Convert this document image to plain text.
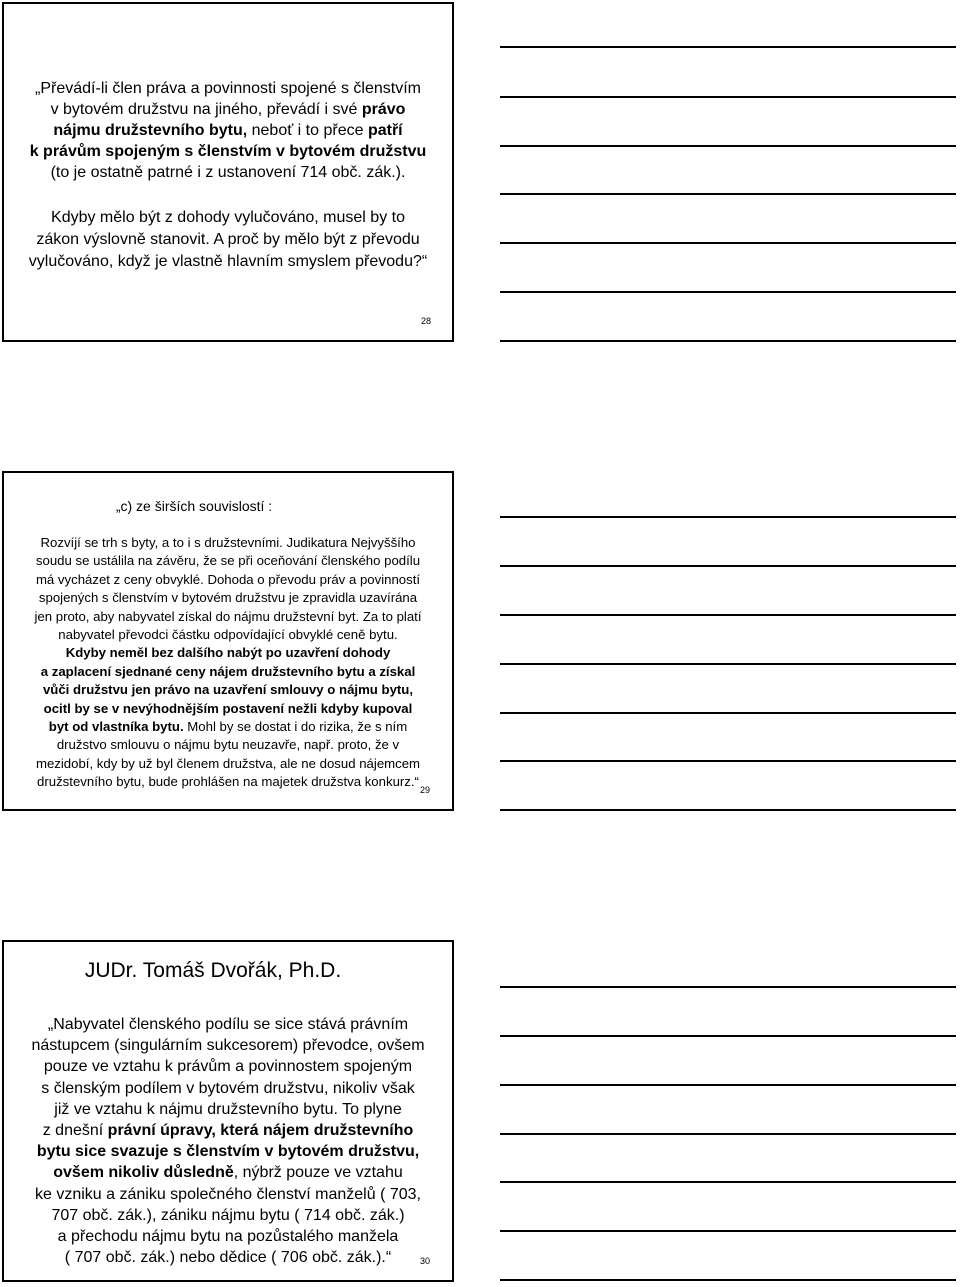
„Převádí-li člen práva a povinnosti spojené s členstvím
v bytovém družstvu na jiného, převádí i své právo
nájmu družstevního bytu, neboť i to přece patří
k právům spojeným s členstvím v bytovém družstvu
(to je ostatně patrné i z ustanovení 714 obč. zák.).
Kdyby mělo být z dohody vylučováno, musel by to
zákon výslovně stanovit. A proč by mělo být z převodu
vylučováno, když je vlastně hlavním smyslem převodu?“
28
„c) ze širších souvislostí :
Rozvíjí se trh s byty, a to i s družstevními. Judikatura Nejvyššího
soudu se ustálila na závěru, že se při oceňování členského podílu
má vycházet z ceny obvyklé. Dohoda o převodu práv a povinností
spojených s členstvím v bytovém družstvu je zpravidla uzavírána
jen proto, aby nabyvatel získal do nájmu družstevní byt. Za to platí
nabyvatel převodci částku odpovídající obvyklé ceně bytu.
Kdyby neměl bez dalšího nabýt po uzavření dohody
a zaplacení sjednané ceny nájem družstevního bytu a získal
vůči družstvu jen právo na uzavření smlouvy o nájmu bytu,
ocitl by se v nevýhodnějším postavení nežli kdyby kupoval
byt od vlastníka bytu. Mohl by se dostat i do rizika, že s ním
družstvo smlouvu o nájmu bytu neuzavře, např. proto, že v
mezidobí, kdy by už byl členem družstva, ale ne dosud nájemcem
družstevního bytu, bude prohlášen na majetek družstva konkurz.“
29
JUDr. Tomáš Dvořák, Ph.D.
„Nabyvatel členského podílu se sice stává právním
nástupcem (singulárním sukcesorem) převodce, ovšem
pouze ve vztahu k právům a povinnostem spojeným
s členským podílem v bytovém družstvu, nikoliv však
již ve vztahu k nájmu družstevního bytu. To plyne
z dnešní právní úpravy, která nájem družstevního
bytu sice svazuje s členstvím v bytovém družstvu,
ovšem nikoliv důsledně, nýbrž pouze ve vztahu
ke vzniku a zániku společného členství manželů ( 703,
707 obč. zák.), zániku nájmu bytu ( 714 obč. zák.)
a přechodu nájmu bytu na pozůstalého manžela
( 707 obč. zák.) nebo dědice ( 706 obč. zák.).“	30
